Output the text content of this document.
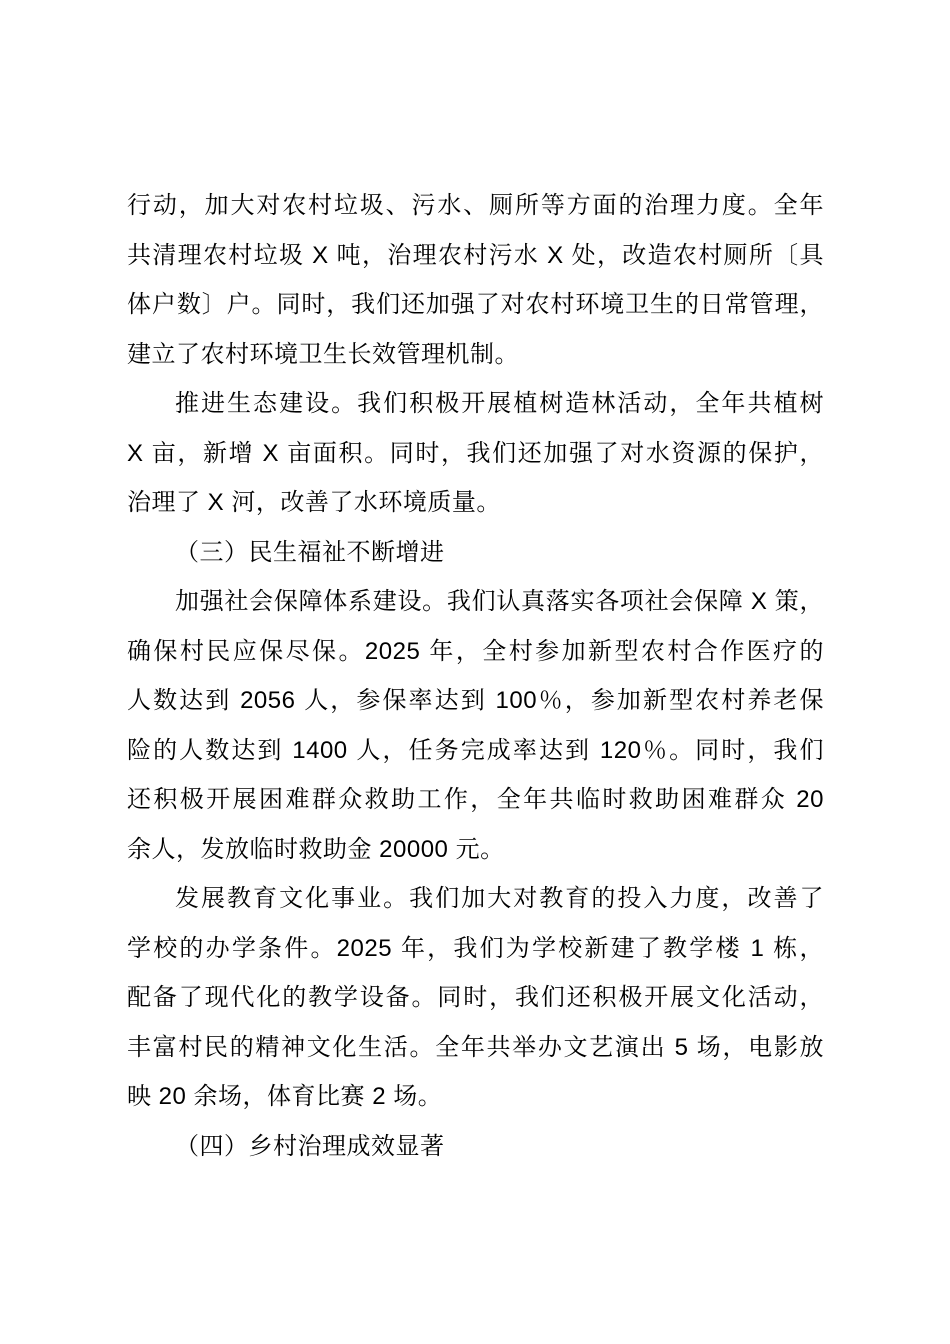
行动，加大对农村垃圾、污水、厕所等方面的治理力度。全年
共清理农村垃圾 X 吨，治理农村污水 X 处，改造农村厕所〔具
体户数〕户。同时，我们还加强了对农村环境卫生的日常管理，
建立了农村环境卫生长效管理机制。
推进生态建设。我们积极开展植树造林活动，全年共植树
X 亩，新增 X 亩面积。同时，我们还加强了对水资源的保护，
治理了 X 河，改善了水环境质量。
（三）民生福祉不断增进
加强社会保障体系建设。我们认真落实各项社会保障 X 策，
确保村民应保尽保。2025 年，全村参加新型农村合作医疗的
人数达到 2056 人，参保率达到 100％，参加新型农村养老保
险的人数达到 1400 人，任务完成率达到 120％。同时，我们
还积极开展困难群众救助工作，全年共临时救助困难群众 20
余人，发放临时救助金 20000 元。
发展教育文化事业。我们加大对教育的投入力度，改善了
学校的办学条件。2025 年，我们为学校新建了教学楼 1 栋，
配备了现代化的教学设备。同时，我们还积极开展文化活动，
丰富村民的精神文化生活。全年共举办文艺演出 5 场，电影放
映 20 余场，体育比赛 2 场。
（四）乡村治理成效显著
